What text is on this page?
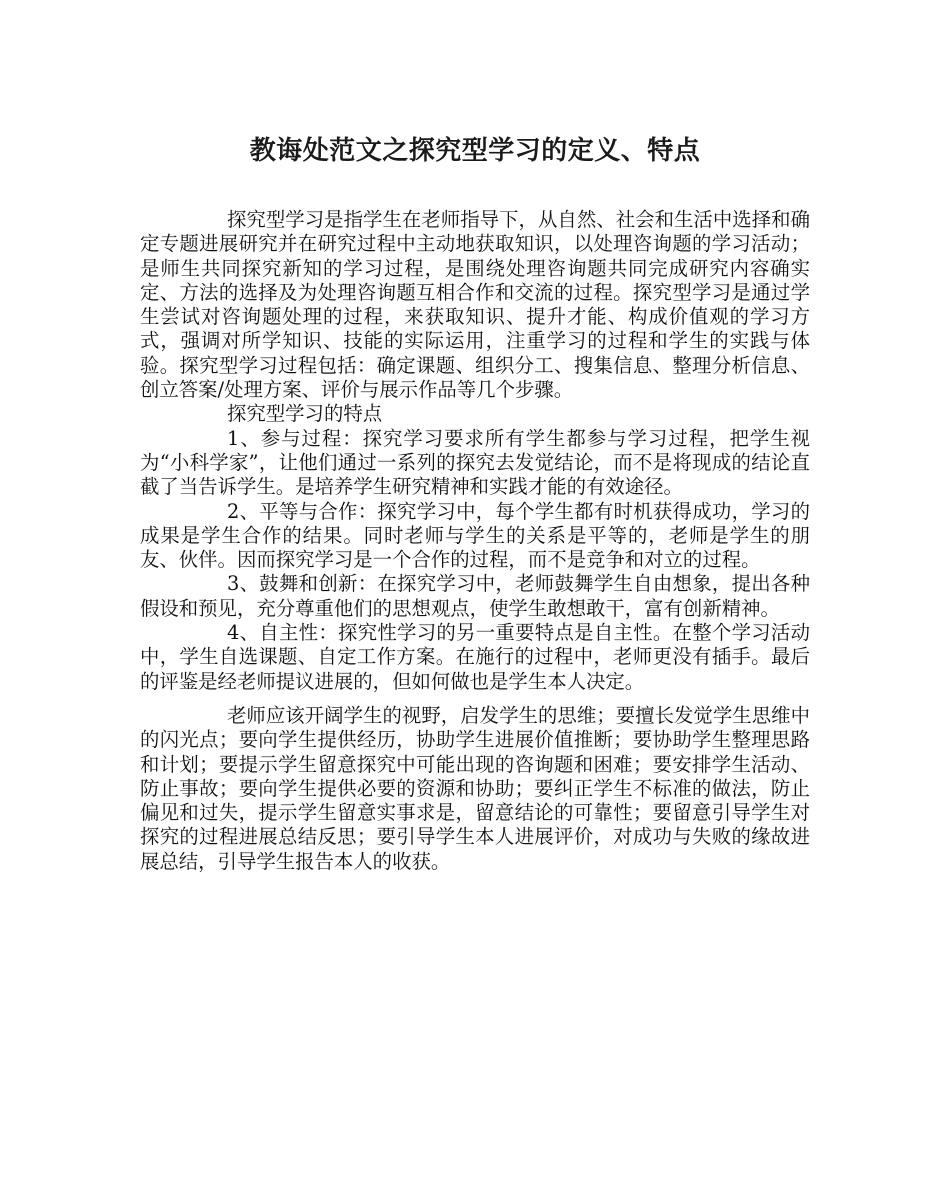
教诲处范文之探究型学习的定义、特点

探究型学习是指学生在老师指导下，从自然、社会和生活中选择和确定专题进展研究并在研究过程中主动地获取知识，以处理咨询题的学习活动；是师生共同探究新知的学习过程，是围绕处理咨询题共同完成研究内容确实定、方法的选择及为处理咨询题互相合作和交流的过程。探究型学习是通过学生尝试对咨询题处理的过程，来获取知识、提升才能、构成价值观的学习方式，强调对所学知识、技能的实际运用，注重学习的过程和学生的实践与体验。探究型学习过程包括：确定课题、组织分工、搜集信息、整理分析信息、创立答案/处理方案、评价与展示作品等几个步骤。

探究型学习的特点

1、参与过程：探究学习要求所有学生都参与学习过程，把学生视为“小科学家”，让他们通过一系列的探究去发觉结论，而不是将现成的结论直截了当告诉学生。是培养学生研究精神和实践才能的有效途径。

2、平等与合作：探究学习中，每个学生都有时机获得成功，学习的成果是学生合作的结果。同时老师与学生的关系是平等的，老师是学生的朋友、伙伴。因而探究学习是一个合作的过程，而不是竞争和对立的过程。

3、鼓舞和创新：在探究学习中，老师鼓舞学生自由想象，提出各种假设和预见，充分尊重他们的思想观点，使学生敢想敢干，富有创新精神。

4、自主性：探究性学习的另一重要特点是自主性。在整个学习活动中，学生自选课题、自定工作方案。在施行的过程中，老师更没有插手。最后的评鉴是经老师提议进展的，但如何做也是学生本人决定。

老师应该开阔学生的视野，启发学生的思维；要擅长发觉学生思维中的闪光点；要向学生提供经历，协助学生进展价值推断；要协助学生整理思路和计划；要提示学生留意探究中可能出现的咨询题和困难；要安排学生活动、防止事故；要向学生提供必要的资源和协助；要纠正学生不标准的做法，防止偏见和过失，提示学生留意实事求是，留意结论的可靠性；要留意引导学生对探究的过程进展总结反思；要引导学生本人进展评价，对成功与失败的缘故进展总结，引导学生报告本人的收获。
